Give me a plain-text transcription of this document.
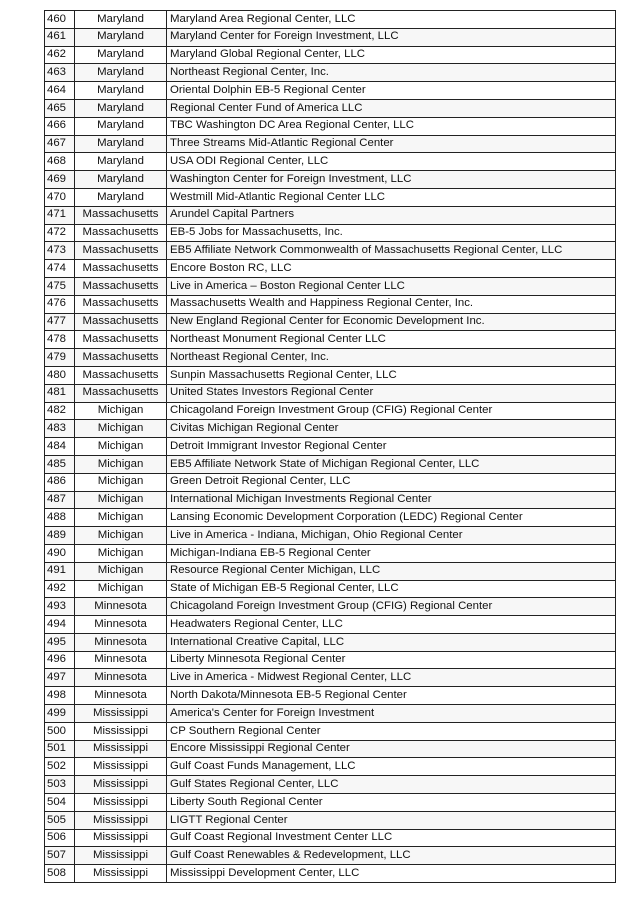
460	Maryland	Maryland Area Regional Center, LLC
461	Maryland	Maryland Center for Foreign Investment, LLC
462	Maryland	Maryland Global Regional Center, LLC
463	Maryland	Northeast Regional Center, Inc.
464	Maryland	Oriental Dolphin EB-5 Regional Center
465	Maryland	Regional Center Fund of America LLC
466	Maryland	TBC Washington DC Area Regional Center, LLC
467	Maryland	Three Streams Mid-Atlantic Regional Center
468	Maryland	USA ODI Regional Center, LLC
469	Maryland	Washington Center for Foreign Investment, LLC
470	Maryland	Westmill Mid-Atlantic Regional Center LLC
471	Massachusetts	Arundel Capital Partners
472	Massachusetts	EB-5 Jobs for Massachusetts, Inc.
473	Massachusetts	EB5 Affiliate Network Commonwealth of Massachusetts Regional Center, LLC
474	Massachusetts	Encore Boston RC, LLC
475	Massachusetts	Live in America – Boston Regional Center LLC
476	Massachusetts	Massachusetts Wealth and Happiness Regional Center, Inc.
477	Massachusetts	New England Regional Center for Economic Development Inc.
478	Massachusetts	Northeast Monument Regional Center LLC
479	Massachusetts	Northeast Regional Center, Inc.
480	Massachusetts	Sunpin Massachusetts Regional Center, LLC
481	Massachusetts	United States Investors Regional Center
482	Michigan	Chicagoland Foreign Investment Group (CFIG) Regional Center
483	Michigan	Civitas Michigan Regional Center
484	Michigan	Detroit Immigrant Investor Regional Center
485	Michigan	EB5 Affiliate Network State of Michigan Regional Center, LLC
486	Michigan	Green Detroit Regional Center, LLC
487	Michigan	International Michigan Investments Regional Center
488	Michigan	Lansing Economic Development Corporation (LEDC) Regional Center
489	Michigan	Live in America - Indiana, Michigan, Ohio Regional Center
490	Michigan	Michigan-Indiana EB-5 Regional Center
491	Michigan	Resource Regional Center Michigan, LLC
492	Michigan	State of Michigan EB-5 Regional Center, LLC
493	Minnesota	Chicagoland Foreign Investment Group (CFIG) Regional Center
494	Minnesota	Headwaters Regional Center, LLC
495	Minnesota	International Creative Capital, LLC
496	Minnesota	Liberty Minnesota Regional Center
497	Minnesota	Live in America - Midwest Regional Center, LLC
498	Minnesota	North Dakota/Minnesota EB-5 Regional Center
499	Mississippi	America's Center for Foreign Investment
500	Mississippi	CP Southern Regional Center
501	Mississippi	Encore Mississippi Regional Center
502	Mississippi	Gulf Coast Funds Management, LLC
503	Mississippi	Gulf States Regional Center, LLC
504	Mississippi	Liberty South Regional Center
505	Mississippi	LIGTT Regional Center
506	Mississippi	Gulf Coast Regional Investment Center LLC
507	Mississippi	Gulf Coast Renewables & Redevelopment, LLC
508	Mississippi	Mississippi Development Center, LLC
